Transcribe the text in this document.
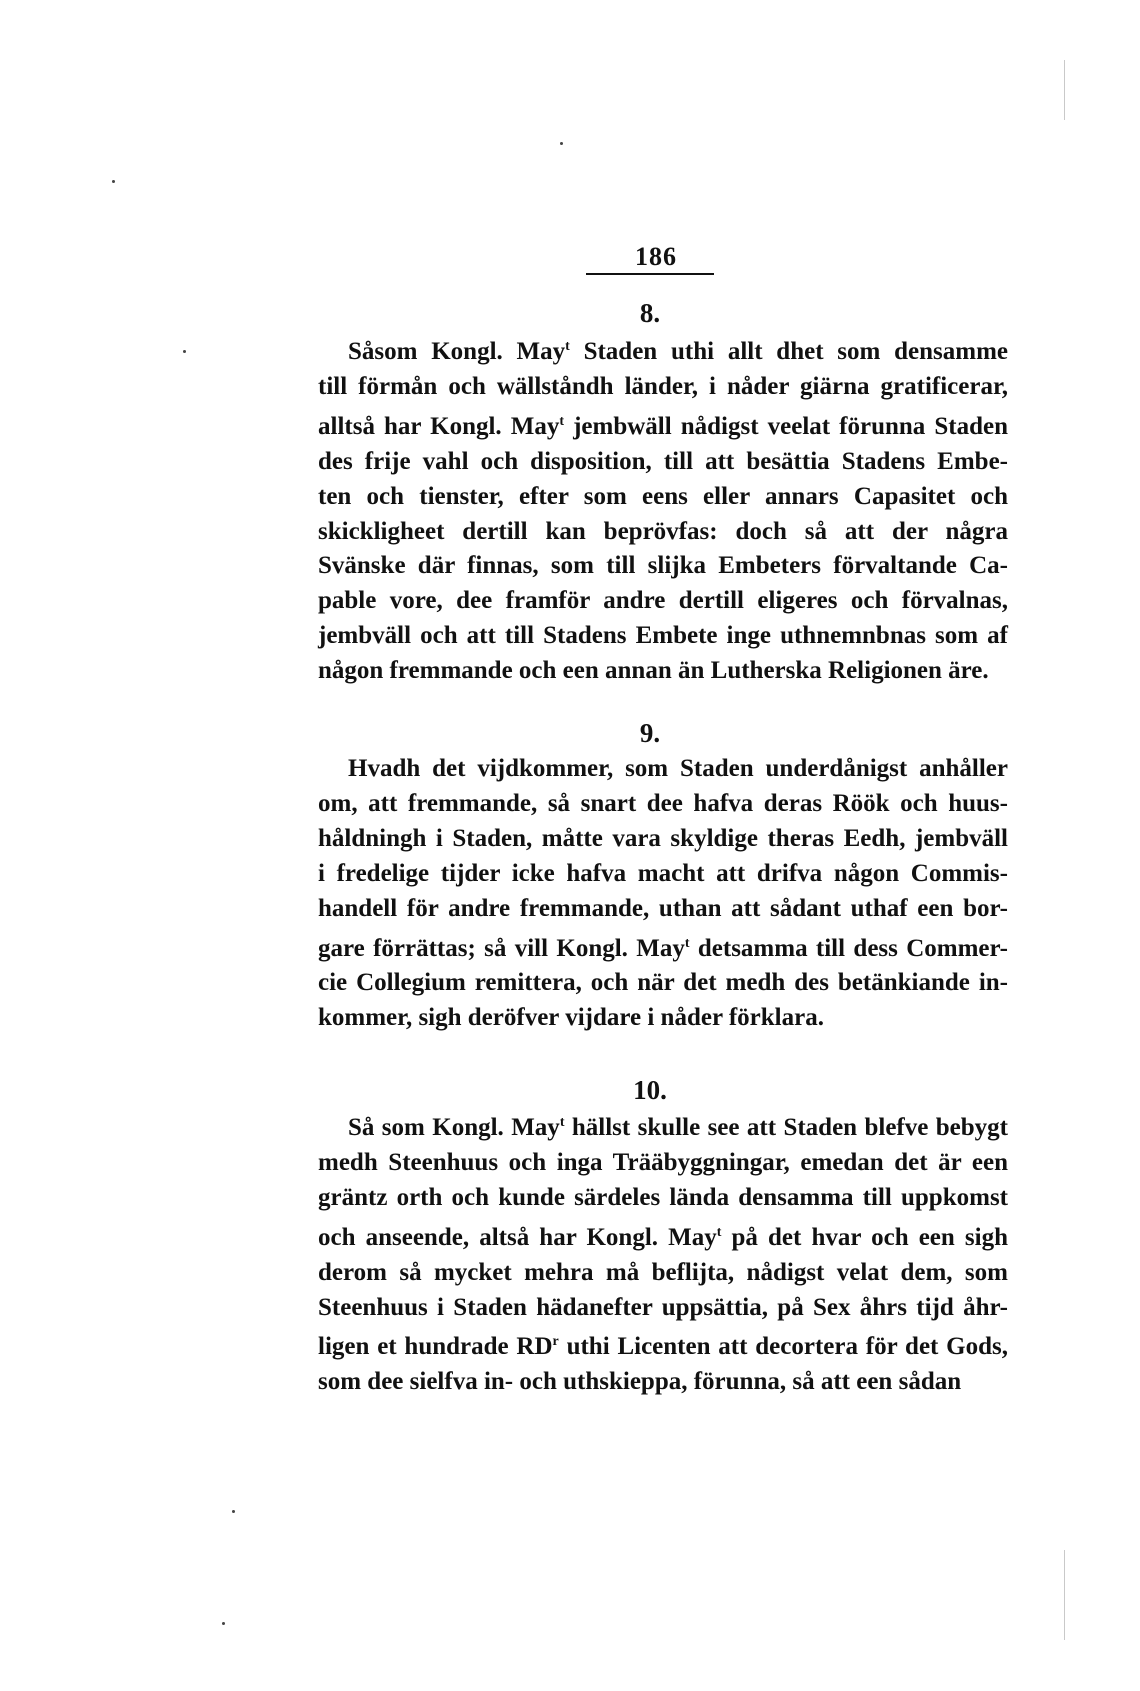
186
8.
Såsom Kongl. May$^t$ Staden uthi allt dhet som densamme
till förmån och wällståndh länder, i nåder giärna gratificerar,
alltså har Kongl. May$^t$ jembwäll nådigst veelat förunna Staden
des frije vahl och disposition, till att besättia Stadens Embe-
ten och tienster, efter som eens eller annars Capasitet och
skickligheet dertill kan beprövfas: doch så att der några
Svänske där finnas, som till slijka Embeters förvaltande Ca-
pable vore, dee framför andre dertill eligeres och förvalnas,
jembväll och att till Stadens Embete inge uthnemnbnas som af
någon fremmande och een annan än Lutherska Religionen äre.
9.
Hvadh det vijdkommer, som Staden underdånigst anhåller
om, att fremmande, så snart dee hafva deras Röök och huus-
håldningh i Staden, måtte vara skyldige theras Eedh, jembväll
i fredelige tijder icke hafva macht att drifva någon Commis-
handell för andre fremmande, uthan att sådant uthaf een bor-
gare förrättas; så vill Kongl. May$^t$ detsamma till dess Commer-
cie Collegium remittera, och när det medh des betänkiande in-
kommer, sigh deröfver vijdare i nåder förklara.
10.
Så som Kongl. May$^t$ hällst skulle see att Staden blefve bebygt
medh Steenhuus och inga Trääbyggningar, emedan det är een
gräntz orth och kunde särdeles lända densamma till uppkomst
och anseende, altså har Kongl. May$^t$ på det hvar och een sigh
derom så mycket mehra må beflijta, nådigst velat dem, som
Steenhuus i Staden hädanefter uppsättia, på Sex åhrs tijd åhr-
ligen et hundrade $RD^r$ uthi Licenten att decortera för det Gods,
som dee sielfva in- och uthskieppa, förunna, så att een sådan
